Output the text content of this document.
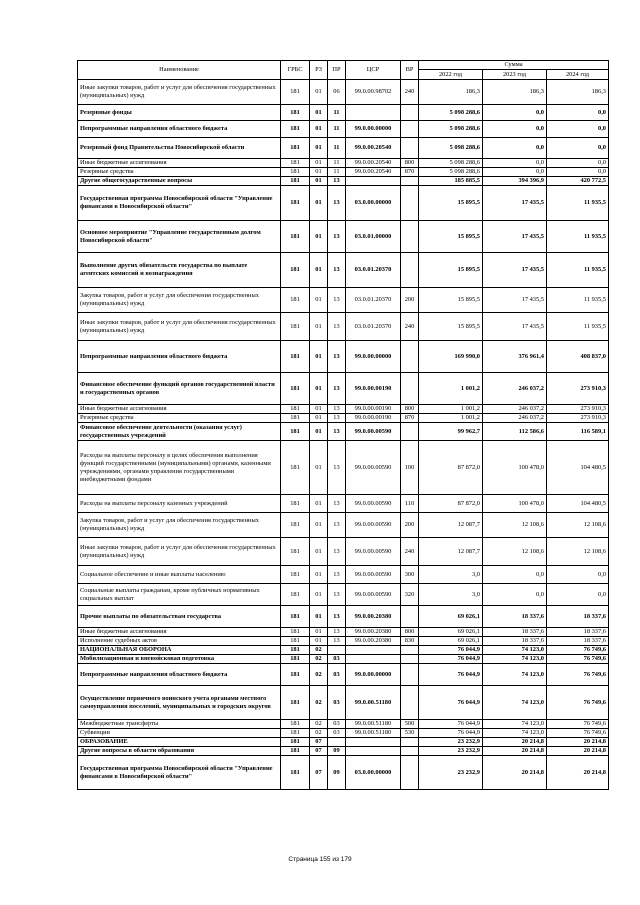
Наименование	ГРБС	РЗ	ПР	ЦСР	ВР	Сумма		
						2022 год	2023 год	2024 год
Иные закупки товаров, работ и услуг для обеспечения государственных (муниципальных) нужд	181	01	06	99.0.00.98702	240	186,3	186,3	186,3
Резервные фонды	181	01	11			5 098 288,6	0,0	0,0
Непрограммные направления областного бюджета	181	01	11	99.0.00.00000		5 098 288,6	0,0	0,0
Резервный фонд Правительства Новосибирской области	181	01	11	99.0.00.20540		5 098 288,6	0,0	0,0
Иные бюджетные ассигнования	181	01	11	99.0.00.20540	800	5 098 288,6	0,0	0,0
Резервные средства	181	01	11	99.0.00.20540	870	5 098 288,6	0,0	0,0
Другие общегосударственные вопросы	181	01	13			185 885,5	394 396,9	420 772,5
Государственная программа Новосибирской области "Управление финансами в Новосибирской области"	181	01	13	03.0.00.00000		15 895,5	17 435,5	11 935,5
Основное мероприятие "Управление государственным долгом Новосибирской области"	181	01	13	03.0.01.00000		15 895,5	17 435,5	11 935,5
Выполнение других обязательств государства по выплате агентских комиссий и вознаграждения	181	01	13	03.0.01.20370		15 895,5	17 435,5	11 935,5
Закупка товаров, работ и услуг для обеспечения государственных (муниципальных) нужд	181	01	13	03.0.01.20370	200	15 895,5	17 435,5	11 935,5
Иные закупки товаров, работ и услуг для обеспечения государственных (муниципальных) нужд	181	01	13	03.0.01.20370	240	15 895,5	17 435,5	11 935,5
Непрограммные направления областного бюджета	181	01	13	99.0.00.00000		169 990,0	376 961,4	408 837,0
Финансовое обеспечение функций органов государственной власти и государственных органов	181	01	13	99.0.00.00190		1 001,2	246 037,2	273 910,3
Иные бюджетные ассигнования	181	01	13	99.0.00.00190	800	1 001,2	246 037,2	273 910,3
Резервные средства	181	01	13	99.0.00.00190	870	1 001,2	246 037,2	273 910,3
Финансовое обеспечение деятельности (оказания услуг) государственных учреждений	181	01	13	99.0.00.00590		99 962,7	112 586,6	116 589,1
Расходы на выплаты персоналу в целях обеспечения выполнения функций государственными (муниципальными) органами, казенными учреждениями, органами управления государственными внебюджетными фондами	181	01	13	99.0.00.00590	100	87 872,0	100 478,0	104 480,5
Расходы на выплаты персоналу казенных учреждений	181	01	13	99.0.00.00590	110	87 872,0	100 478,0	104 480,5
Закупка товаров, работ и услуг для обеспечения государственных (муниципальных) нужд	181	01	13	99.0.00.00590	200	12 087,7	12 108,6	12 108,6
Иные закупки товаров, работ и услуг для обеспечения государственных (муниципальных) нужд	181	01	13	99.0.00.00590	240	12 087,7	12 108,6	12 108,6
Социальное обеспечение и иные выплаты населению	181	01	13	99.0.00.00590	300	3,0	0,0	0,0
Социальные выплаты гражданам, кроме публичных нормативных социальных выплат	181	01	13	99.0.00.00590	320	3,0	0,0	0,0
Прочие выплаты по обязательствам государства	181	01	13	99.0.00.20380		69 026,1	18 337,6	18 337,6
Иные бюджетные ассигнования	181	01	13	99.0.00.20380	800	69 026,1	18 337,6	18 337,6
Исполнение судебных актов	181	01	13	99.0.00.20380	830	69 026,1	18 337,6	18 337,6
НАЦИОНАЛЬНАЯ ОБОРОНА	181	02				76 044,9	74 123,0	76 749,6
Мобилизационная и вневойсковая подготовка	181	02	03			76 044,9	74 123,0	76 749,6
Непрограммные направления областного бюджета	181	02	03	99.0.00.00000		76 044,9	74 123,0	76 749,6
Осуществление первичного воинского учета органами местного самоуправления поселений, муниципальных и городских округов	181	02	03	99.0.00.51180		76 044,9	74 123,0	76 749,6
Межбюджетные трансферты	181	02	03	99.0.00.51180	500	76 044,9	74 123,0	76 749,6
Субвенции	181	02	03	99.0.00.51180	530	76 044,9	74 123,0	76 749,6
ОБРАЗОВАНИЕ	181	07				23 232,9	20 214,8	20 214,8
Другие вопросы в области образования	181	07	09			23 232,9	20 214,8	20 214,8
Государственная программа Новосибирской области "Управление финансами в Новосибирской области"	181	07	09	03.0.00.00000		23 232,9	20 214,8	20 214,8
Страница 155 из 179
